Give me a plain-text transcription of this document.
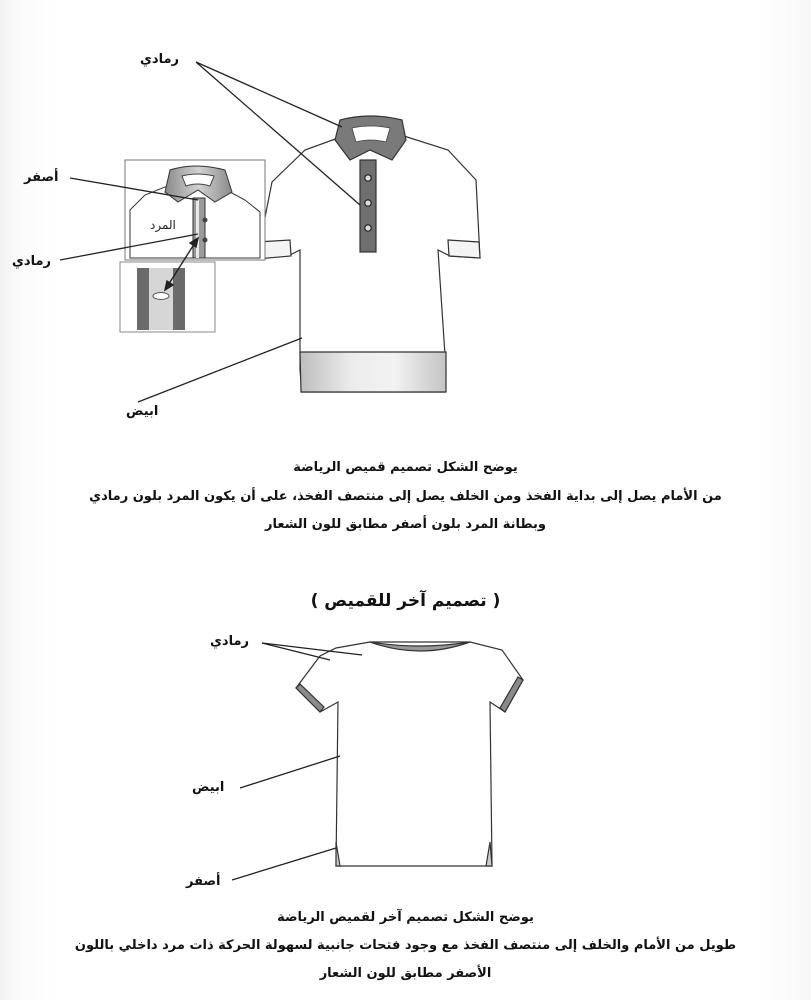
رمادي
أصفر
رمادي
ابيض
المرد
يوضح الشكل تصميم قميص الرياضة
من الأمام يصل إلى بداية الفخذ ومن الخلف يصل إلى منتصف الفخذ، على أن يكون المرد بلون رمادي
وبطانة المرد بلون أصفر مطابق للون الشعار
( تصميم آخر للقميص )
رمادي
ابيض
أصفر
يوضح الشكل تصميم آخر لقميص الرياضة
طويل من الأمام والخلف إلى منتصف الفخذ مع وجود فتحات جانبية لسهولة الحركة ذات مرد داخلي باللون
الأصفر مطابق للون الشعار
